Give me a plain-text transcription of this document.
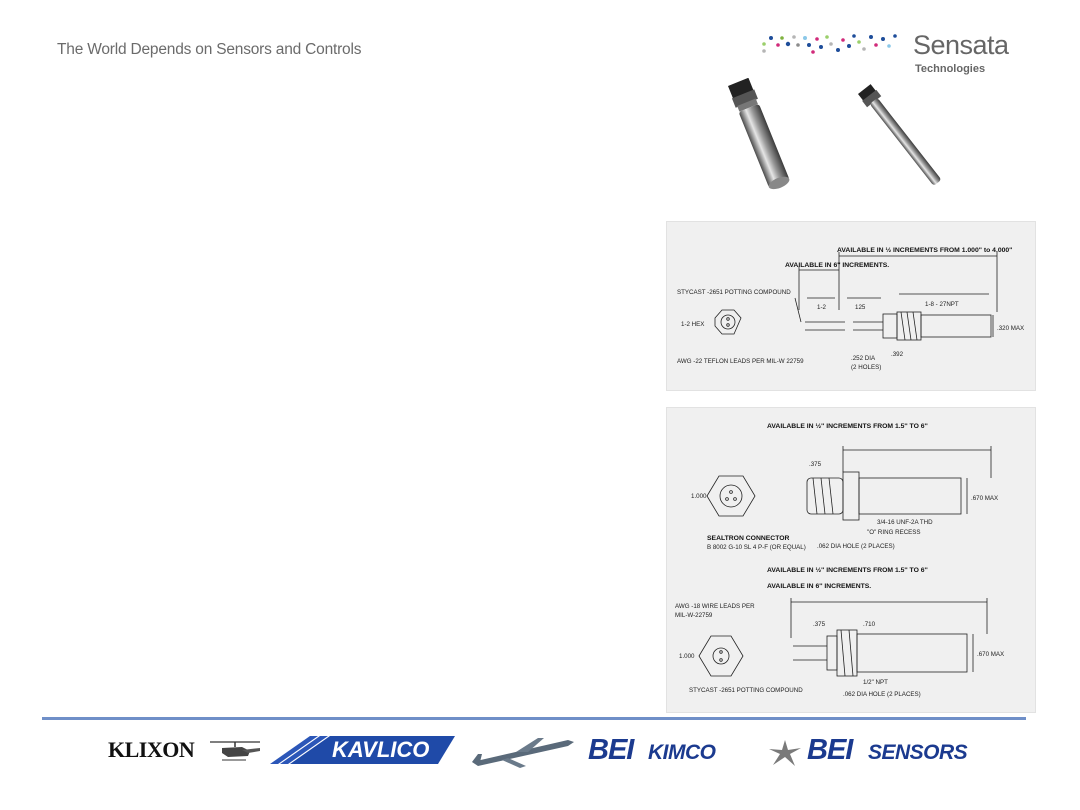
The World Depends on Sensors and Controls	Sensata
Technologies
AVAILABLE IN ½ INCREMENTS FROM 1.000" to 4.000"
AVAILABLE IN 6'' INCREMENTS.
STYCAST -2651 POTTING COMPOUND
1-2 HEX
1-2	125	1-8 - 27NPT
.320 MAX
AWG -22 TEFLON LEADS PER MIL-W 22759	.252 DIA
(2 HOLES)
.392
AVAILABLE IN ½'' INCREMENTS FROM 1.5'' TO 6''
.375
1.000	.670 MAX
3/4-16 UNF-2A THD
"O" RING RECESS
SEALTRON CONNECTOR
B 8002 G-10 SL 4 P-F (OR EQUAL) .062 DIA HOLE (2 PLACES)
AVAILABLE IN ½'' INCREMENTS FROM 1.5'' TO 6''
AVAILABLE IN 6'' INCREMENTS.
AWG -18 WIRE LEADS PER
MIL-W-22759
.375	.710
1.000	.670 MAX
1/2" NPT
STYCAST -2651 POTTING COMPOUND
.062 DIA HOLE (2 PLACES)
KLIXON	KAVLICO	BEI KIMCO	BEI SENSORS
